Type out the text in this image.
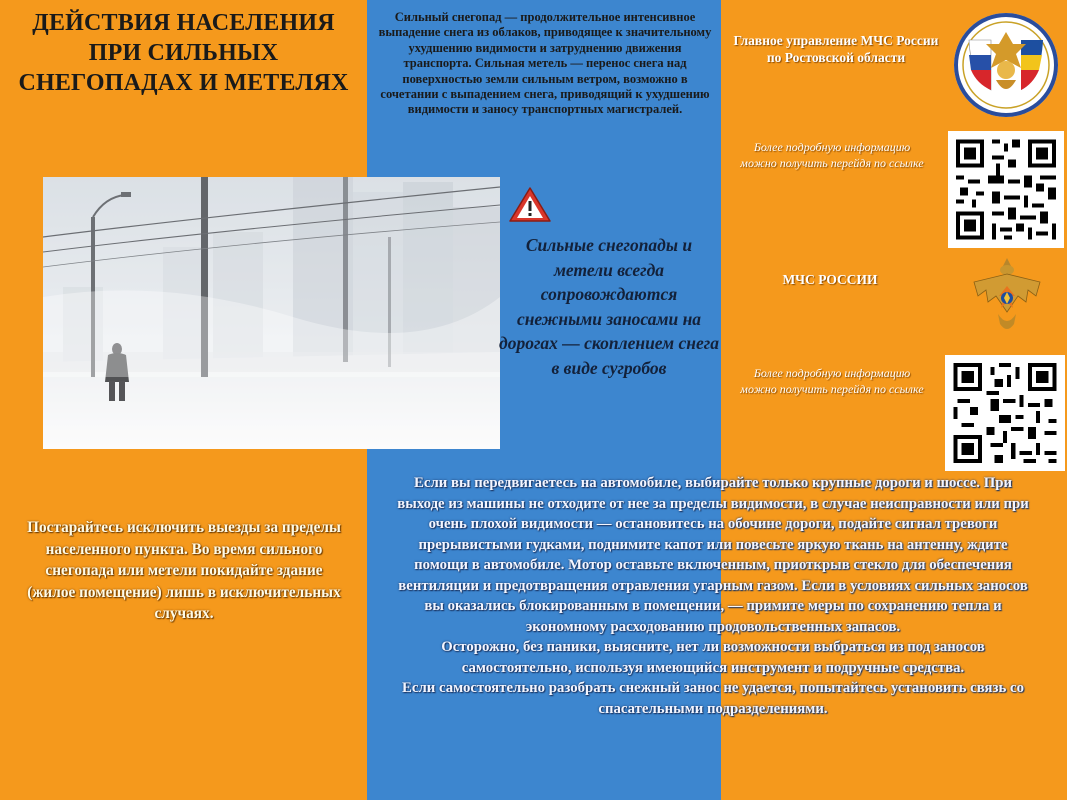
ДЕЙСТВИЯ НАСЕЛЕНИЯ ПРИ СИЛЬНЫХ СНЕГОПАДАХ И МЕТЕЛЯХ
Сильный снегопад — продолжительное интенсивное выпадение снега из облаков, приводящее к значительному ухудшению видимости и затруднению движения транспорта. Сильная метель — перенос снега над поверхностью земли сильным ветром, возможно в сочетании с выпадением снега, приводящий к ухудшению видимости и заносу транспортных магистралей.
Сильные снегопады и метели всегда сопровождаются снежными заносами на дорогах — скоплением снега в виде сугробов
Постарайтесь исключить выезды за пределы населенного пункта. Во время сильного снегопада или метели покидайте здание (жилое помещение) лишь в исключительных случаях.

Если вы передвигаетесь на автомобиле, выбирайте только крупные дороги и шоссе. При выходе из машины не отходите от нее за пределы видимости, в случае неисправности или при очень плохой видимости — остановитесь на обочине дороги, подайте сигнал тревоги прерывистыми гудками, поднимите капот или повесьте яркую ткань на антенну, ждите помощи в автомобиле. Мотор оставьте включенным, приоткрыв стекло для обеспечения вентиляции и предотвращения отравления угарным газом. Если в условиях сильных заносов вы оказались блокированным в помещении, — примите меры по сохранению тепла и экономному расходованию продовольственных запасов.

Осторожно, без паники, выясните, нет ли возможности выбраться из под заносов самостоятельно, используя имеющийся инструмент и подручные средства.

Если самостоятельно разобрать снежный занос не удается, попытайтесь установить связь со спасательными подразделениями.

Главное управление МЧС России по Ростовской области
Более подробную информацию можно получить перейдя по ссылке
МЧС РОССИИ
Более подробную информацию можно получить перейдя по ссылке
